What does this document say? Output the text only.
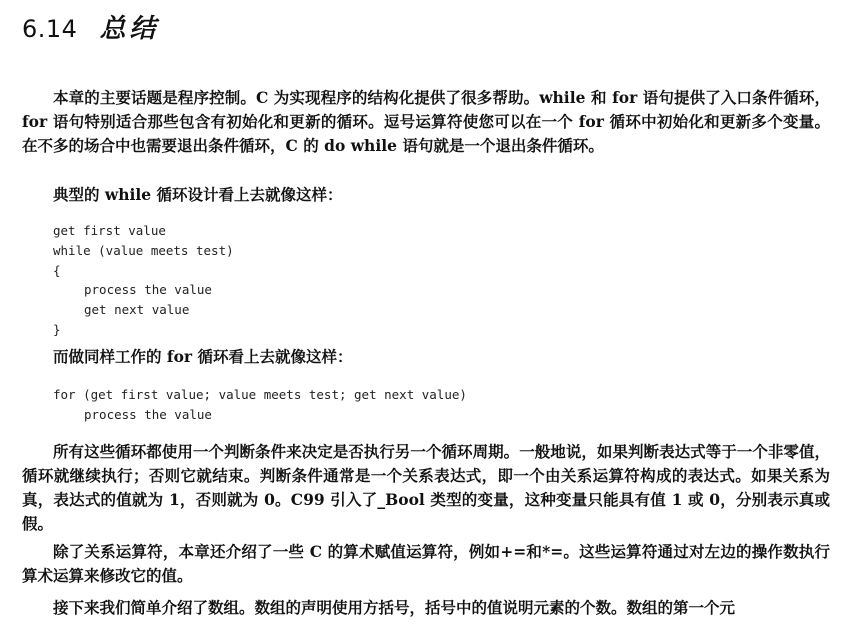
6.14 总结

本章的主要话题是程序控制。C 为实现程序的结构化提供了很多帮助。while 和 for 语句提供了入口条件循环，for 语句特别适合那些包含有初始化和更新的循环。逗号运算符使您可以在一个 for 循环中初始化和更新多个变量。在不多的场合中也需要退出条件循环，C 的 do while 语句就是一个退出条件循环。

典型的 while 循环设计看上去就像这样：

get first value
while (value meets test)
{
process the value
get next value
}

而做同样工作的 for 循环看上去就像这样：

for (get first value; value meets test; get next value)
process the value

所有这些循环都使用一个判断条件来决定是否执行另一个循环周期。一般地说，如果判断表达式等于一个非零值，循环就继续执行；否则它就结束。判断条件通常是一个关系表达式，即一个由关系运算符构成的表达式。如果关系为真，表达式的值就为 1，否则就为 0。C99 引入了_Bool 类型的变量，这种变量只能具有值 1 或 0，分别表示真或假。

除了关系运算符，本章还介绍了一些 C 的算术赋值运算符，例如+=和*=。这些运算符通过对左边的操作数执行算术运算来修改它的值。

接下来我们简单介绍了数组。数组的声明使用方括号，括号中的值说明元素的个数。数组的第一个元
